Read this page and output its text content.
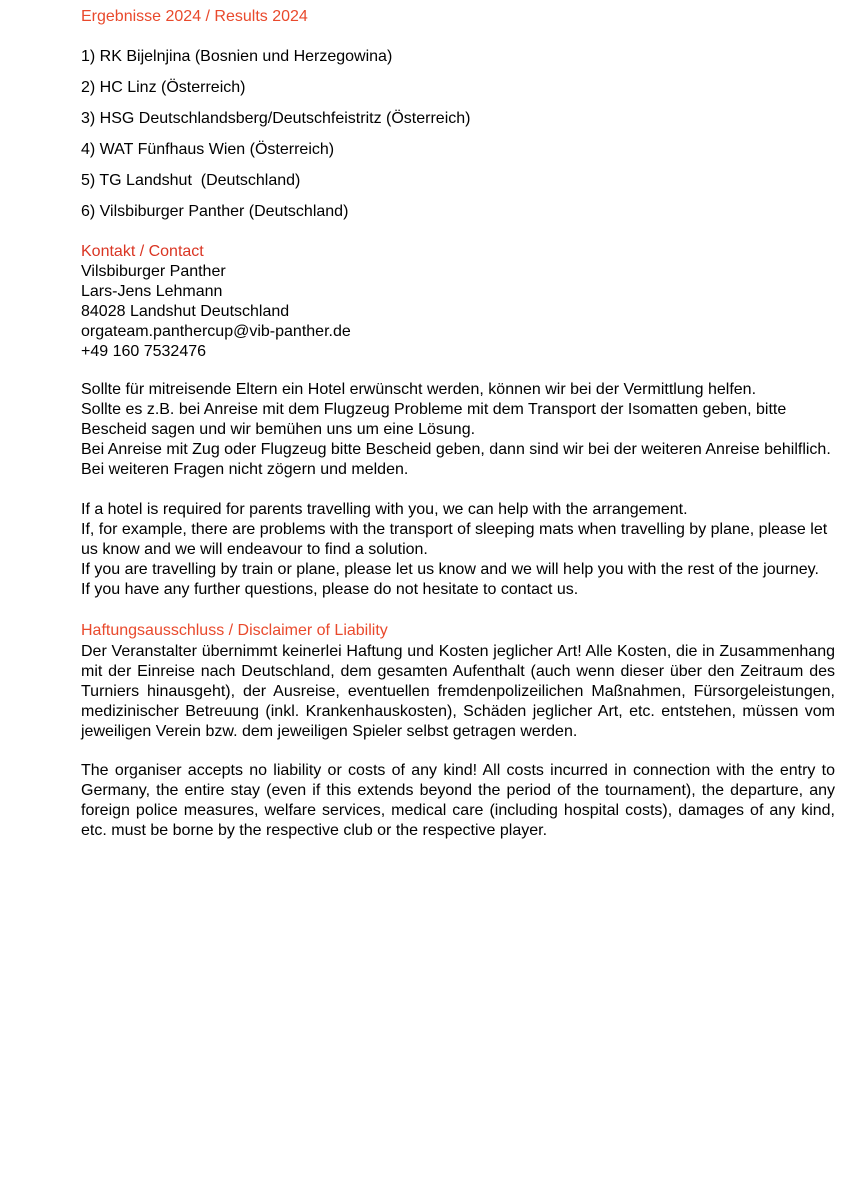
Ergebnisse 2024 / Results 2024
1) RK Bijelnjina (Bosnien und Herzegowina)
2) HC Linz (Österreich)
3) HSG Deutschlandsberg/Deutschfeistritz (Österreich)
4) WAT Fünfhaus Wien (Österreich)
5) TG Landshut  (Deutschland)
6) Vilsbiburger Panther (Deutschland)
Kontakt / Contact

Vilsbiburger Panther

Lars-Jens Lehmann

84028 Landshut Deutschland

orgateam.panthercup@vib-panther.de

+49 160 7532476

Sollte für mitreisende Eltern ein Hotel erwünscht werden, können wir bei der Vermittlung helfen.

Sollte es z.B. bei Anreise mit dem Flugzeug Probleme mit dem Transport der Isomatten geben, bitte Bescheid sagen und wir bemühen uns um eine Lösung.

Bei Anreise mit Zug oder Flugzeug bitte Bescheid geben, dann sind wir bei der weiteren Anreise behilflich.

Bei weiteren Fragen nicht zögern und melden.

If a hotel is required for parents travelling with you, we can help with the arrangement.

If, for example, there are problems with the transport of sleeping mats when travelling by plane, please let us know and we will endeavour to find a solution.

If you are travelling by train or plane, please let us know and we will help you with the rest of the journey.

If you have any further questions, please do not hesitate to contact us.

Haftungsausschluss / Disclaimer of Liability

Der Veranstalter übernimmt keinerlei Haftung und Kosten jeglicher Art! Alle Kosten, die in Zusammenhang mit der Einreise nach Deutschland, dem gesamten Aufenthalt (auch wenn dieser über den Zeitraum des Turniers hinausgeht), der Ausreise, eventuellen fremdenpolizeilichen Maßnahmen, Fürsorgeleistungen, medizinischer Betreuung (inkl. Krankenhauskosten), Schäden jeglicher Art, etc. entstehen, müssen vom jeweiligen Verein bzw. dem jeweiligen Spieler selbst getragen werden.

The organiser accepts no liability or costs of any kind! All costs incurred in connection with the entry to Germany, the entire stay (even if this extends beyond the period of the tournament), the departure, any foreign police measures, welfare services, medical care (including hospital costs), damages of any kind, etc. must be borne by the respective club or the respective player.
